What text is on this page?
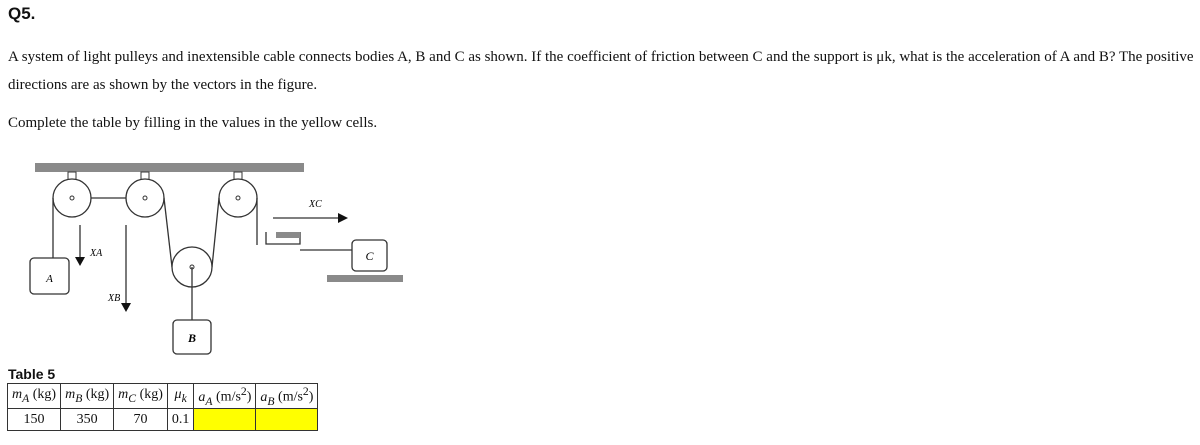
Q5.
A system of light pulleys and inextensible cable connects bodies A, B and C as shown. If the coefficient of friction between C and the support is μk, what is the acceleration of A and B? The positive
directions are as shown by the vectors in the figure.
Complete the table by filling in the values in the yellow cells.
A
B
C
XA
XB
XC
Table 5
$m_A$ (kg)	$m_B$ (kg)	$m_C$ (kg)	$\mu_k$	$a_A$ $(m/s^2)$	$a_B$ $(m/s^2)$
150	350	70	0.1		
